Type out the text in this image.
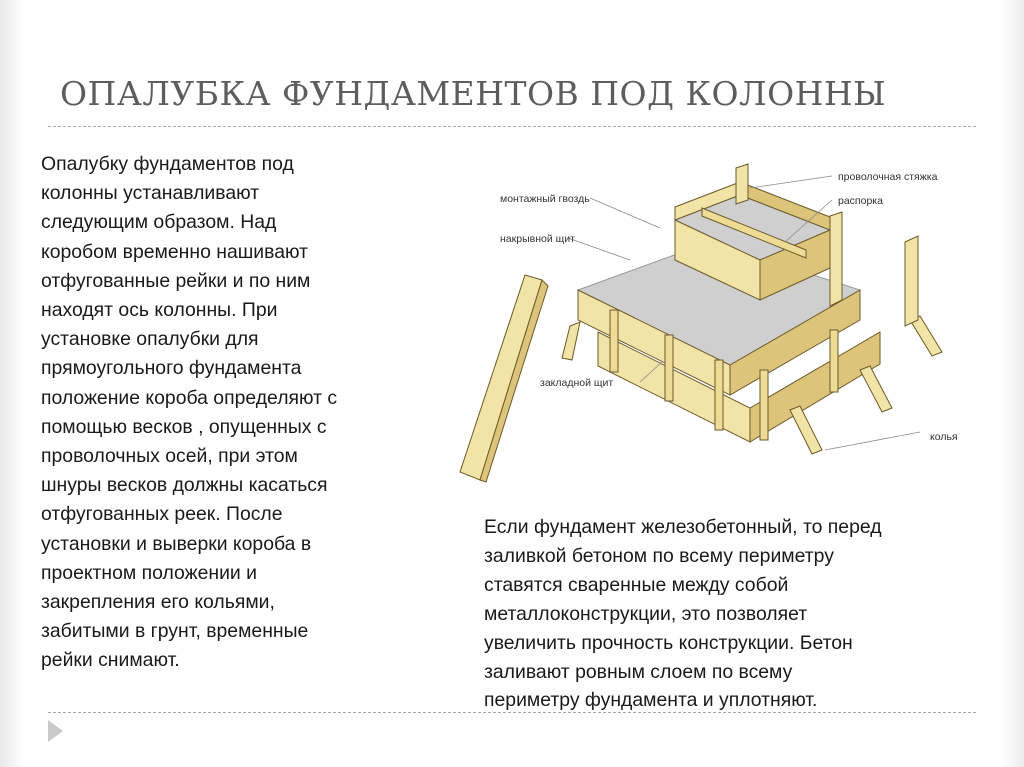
ОПАЛУБКА ФУНДАМЕНТОВ ПОД КОЛОННЫ
Опалубку фундаментов под
колонны устанавливают
следующим образом. Над
коробом временно нашивают
отфугованные рейки и по ним
находят ось колонны. При
установке опалубки для
прямоугольного фундамента
положение короба определяют с
помощью весков , опущенных с
проволочных осей, при этом
шнуры весков должны касаться
отфугованных реек. После
установки и выверки короба в
проектном положении и
закрепления его кольями,
забитыми в грунт, временные
рейки снимают.
проволочная стяжка
монтажный гвоздь	распорка
накрывной щит
закладной щит
колья
Если фундамент железобетонный, то перед
заливкой бетоном по всему периметру
ставятся сваренные между собой
металлоконструкции, это позволяет
увеличить прочность конструкции. Бетон
заливают ровным слоем по всему
периметру фундамента и уплотняют.
